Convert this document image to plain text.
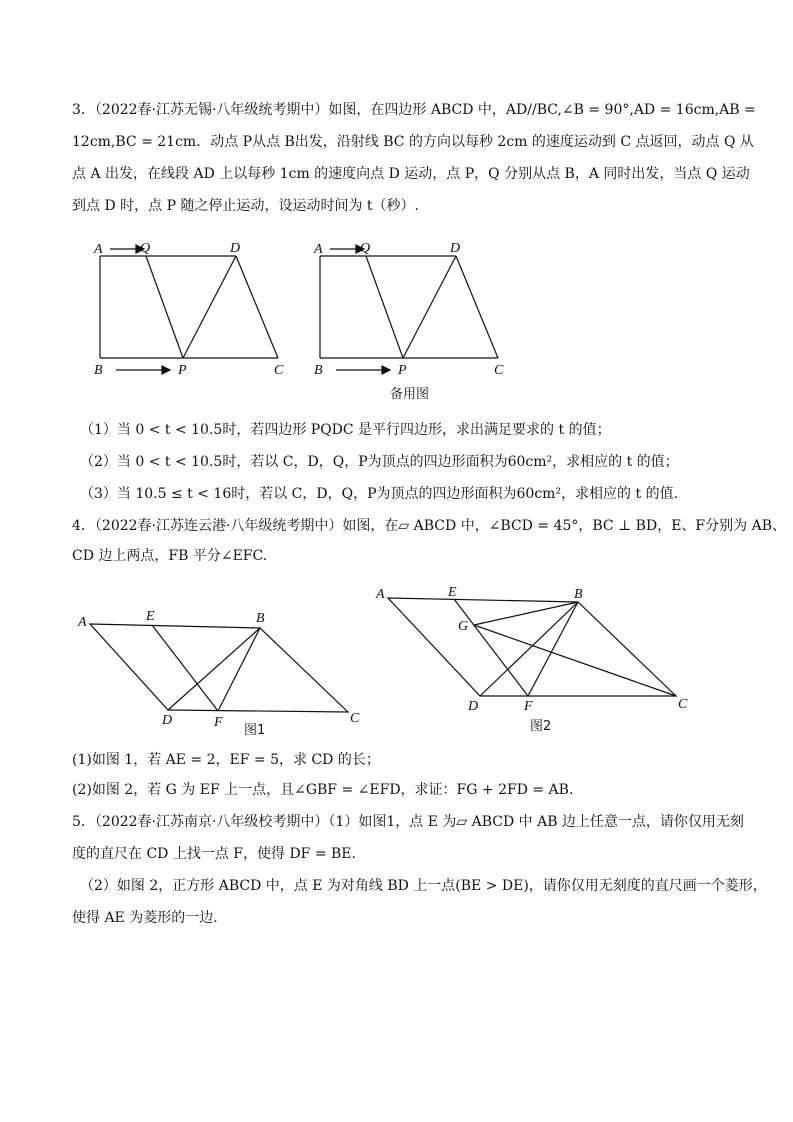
3．（2022春·江苏无锡·八年级统考期中）如图，在四边形 ABCD 中，AD//BC,∠B = 90°,AD = 16cm,AB =
12cm,BC = 21cm．动点 P从点 B出发，沿射线 BC 的方向以每秒 2cm 的速度运动到 C 点返回，动点 Q 从
点 A 出发，在线段 AD 上以每秒 1cm 的速度向点 D 运动，点 P，Q 分别从点 B，A 同时出发，当点 Q 运动
到点 D 时，点 P 随之停止运动，设运动时间为 t（秒）.
A	Q	D
B	P	C
A	Q	D
B	P	C
备用图
（1）当 0 < t < 10.5时，若四边形 PQDC 是平行四边形，求出满足要求的 t 的值；
（2）当 0 < t < 10.5时，若以 C，D，Q，P为顶点的四边形面积为60cm²，求相应的 t 的值；
（3）当 10.5 ≤ t < 16时，若以 C，D，Q，P为顶点的四边形面积为60cm²，求相应的 t 的值.
4．（2022春·江苏连云港·八年级统考期中）如图，在▱ ABCD 中，∠BCD = 45°，BC ⊥ BD，E、F分别为 AB、
CD 边上两点，FB 平分∠EFC.
A	E	B
D	F	C
图1
A	E	B
G
D	F	C
图2
(1)如图 1，若 AE = 2，EF = 5，求 CD 的长；
(2)如图 2，若 G 为 EF 上一点，且∠GBF = ∠EFD，求证：FG + 2FD = AB.
5．（2022春·江苏南京·八年级校考期中）（1）如图1，点 E 为▱ ABCD 中 AB 边上任意一点，请你仅用无刻
度的直尺在 CD 上找一点 F，使得 DF = BE.
（2）如图 2，正方形 ABCD 中，点 E 为对角线 BD 上一点(BE > DE)，请你仅用无刻度的直尺画一个菱形，
使得 AE 为菱形的一边.
